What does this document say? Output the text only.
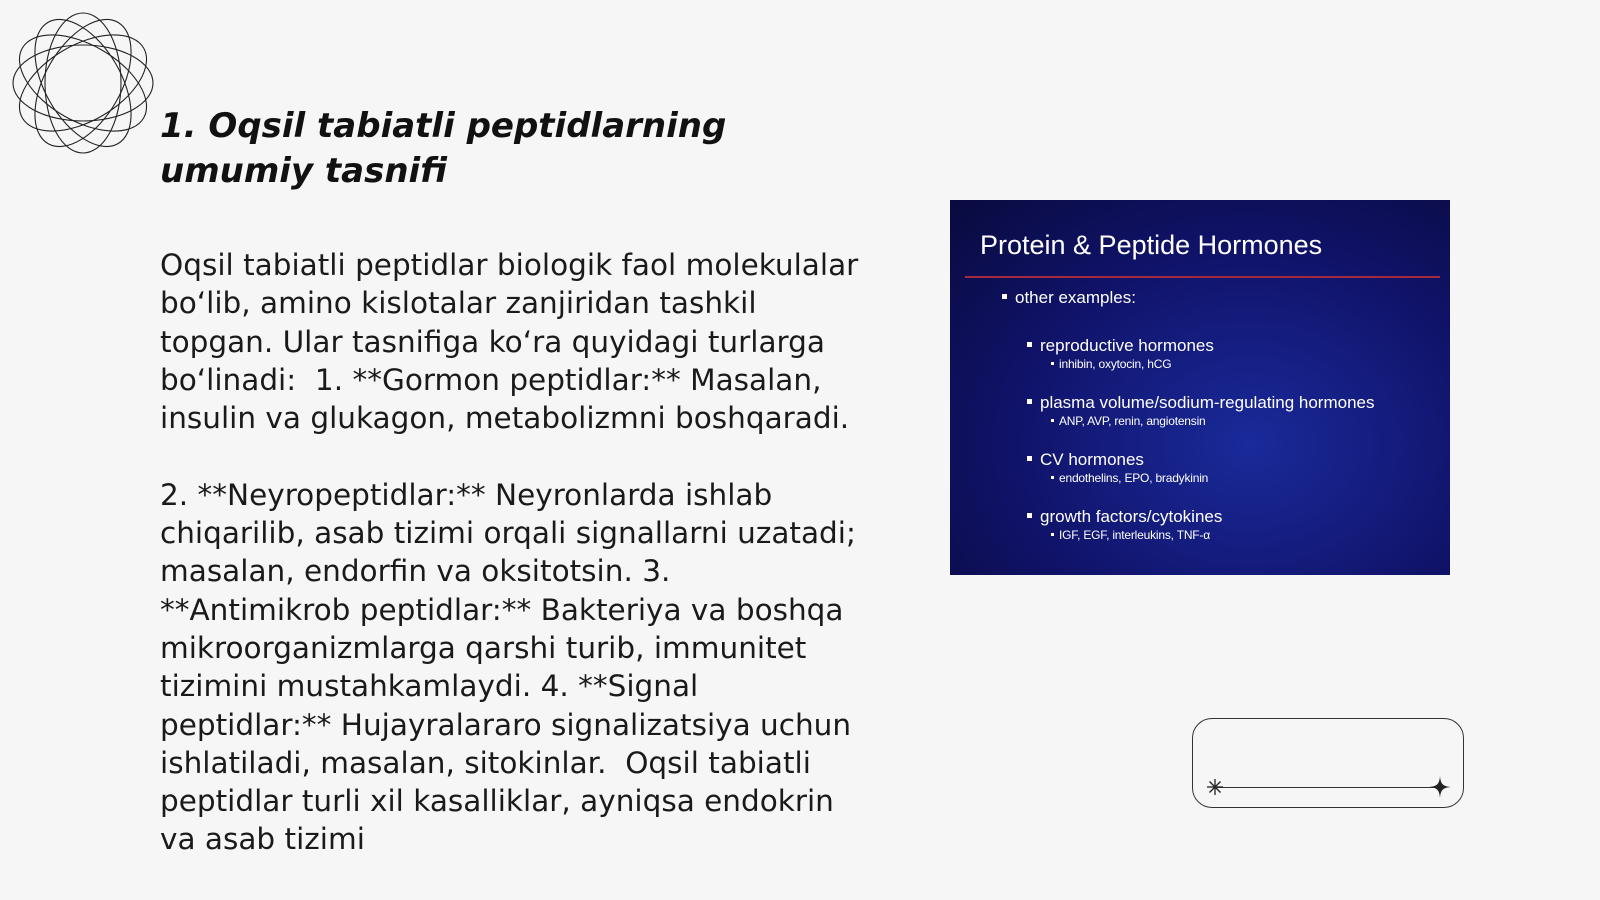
1. Oqsil tabiatli peptidlarning umumiy tasnifi

Oqsil tabiatli peptidlar biologik faol molekulalar bo‘lib, amino kislotalar zanjiridan tashkil topgan. Ular tasnifiga ko‘ra quyidagi turlarga bo‘linadi:  1. **Gormon peptidlar:** Masalan, insulin va glukagon, metabolizmni boshqaradi.

2. **Neyropeptidlar:** Neyronlarda ishlab chiqarilib, asab tizimi orqali signallarni uzatadi; masalan, endorfin va oksitotsin. 3. **Antimikrob peptidlar:** Bakteriya va boshqa mikroorganizmlarga qarshi turib, immunitet tizimini mustahkamlaydi. 4. **Signal peptidlar:** Hujayralararo signalizatsiya uchun ishlatiladi, masalan, sitokinlar.  Oqsil tabiatli peptidlar turli xil kasalliklar, ayniqsa endokrin va asab tizimi

Protein & Peptide Hormones
other examples:
reproductive hormones
inhibin, oxytocin, hCG
plasma volume/sodium-regulating hormones
ANP, AVP, renin, angiotensin
CV hormones
endothelins, EPO, bradykinin
growth factors/cytokines
IGF, EGF, interleukins, TNF-α
